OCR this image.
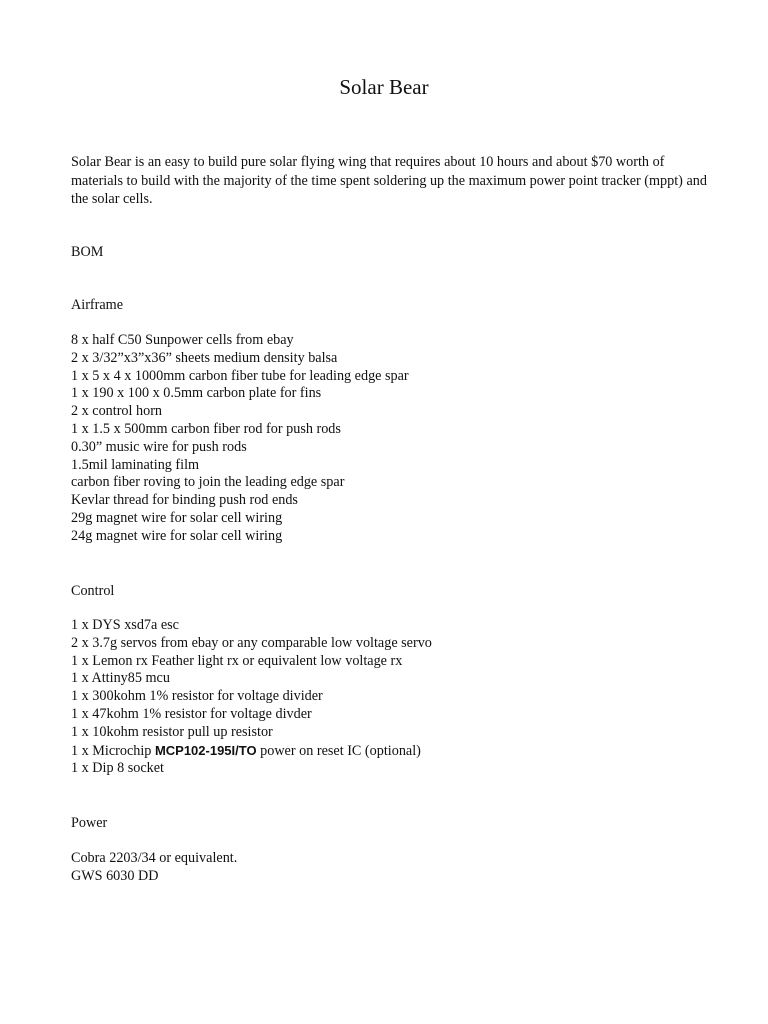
Solar Bear

Solar Bear is an easy to build pure solar flying wing that requires about 10 hours and about $70 worth of materials to build with the majority of the time spent soldering up the maximum power point tracker (mppt) and the solar cells.

BOM
Airframe
8 x half C50 Sunpower cells from ebay
2 x 3/32”x3”x36” sheets medium density balsa
1 x 5 x 4 x 1000mm carbon fiber tube for leading edge spar
1 x 190 x 100 x 0.5mm carbon plate for fins
2 x control horn
1 x 1.5 x 500mm carbon fiber rod for push rods
0.30” music wire for push rods
1.5mil laminating film
carbon fiber roving to join the leading edge spar
Kevlar thread for binding push rod ends
29g magnet wire for solar cell wiring
24g magnet wire for solar cell wiring
Control
1 x DYS xsd7a esc
2 x 3.7g servos from ebay or any comparable low voltage servo
1 x Lemon rx Feather light rx or equivalent low voltage rx
1 x Attiny85 mcu
1 x 300kohm 1% resistor for voltage divider
1 x 47kohm 1% resistor for voltage divder
1 x 10kohm resistor pull up resistor
1 x Microchip MCP102-195I/TO power on reset IC (optional)
1 x Dip 8 socket
Power
Cobra 2203/34 or equivalent.
GWS 6030 DD
